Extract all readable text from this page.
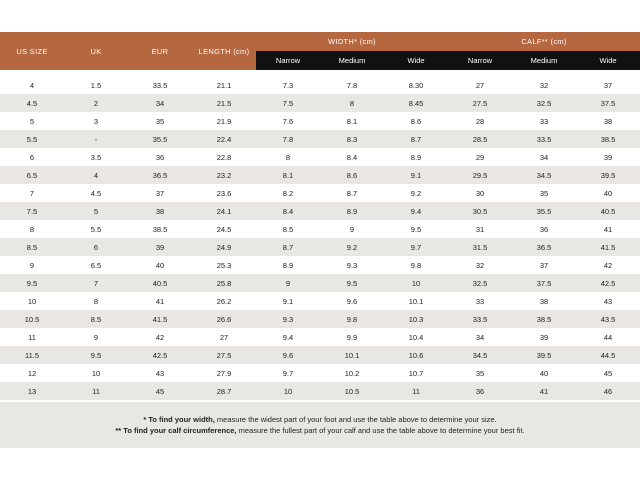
US SIZE	UK	EUR	LENGTH (cm)	WIDTH* (cm)			CALF** (cm)		
				Narrow	Medium	Wide	Narrow	Medium	Wide

4	1.5	33.5	21.1	7.3	7.8	8.30	27	32	37
4.5	2	34	21.5	7.5	8	8.45	27.5	32.5	37.5
5	3	35	21.9	7.6	8.1	8.6	28	33	38
5.5	-	35.5	22.4	7.8	8.3	8.7	28.5	33.5	38.5
6	3.5	36	22.8	8	8.4	8.9	29	34	39
6.5	4	36.5	23.2	8.1	8.6	9.1	29.5	34.5	39.5
7	4.5	37	23.6	8.2	8.7	9.2	30	35	40
7.5	5	38	24.1	8.4	8.9	9.4	30.5	35.5	40.5
8	5.5	38.5	24.5	8.5	9	9.5	31	36	41
8.5	6	39	24.9	8.7	9.2	9.7	31.5	36.5	41.5
9	6.5	40	25.3	8.9	9.3	9.8	32	37	42
9.5	7	40.5	25.8	9	9.5	10	32.5	37.5	42.5
10	8	41	26.2	9.1	9.6	10.1	33	38	43
10.5	8.5	41.5	26.6	9.3	9.8	10.3	33.5	38.5	43.5
11	9	42	27	9.4	9.9	10.4	34	39	44
11.5	9.5	42.5	27.5	9.6	10.1	10.6	34.5	39.5	44.5
12	10	43	27.9	9.7	10.2	10.7	35	40	45
13	11	45	28.7	10	10.5	11	36	41	46
* To find your width, measure the widest part of your foot and use the table above to determine your size.
** To find your calf circumference, measure the fullest part of your calf and use the table above to determine your best fit.
